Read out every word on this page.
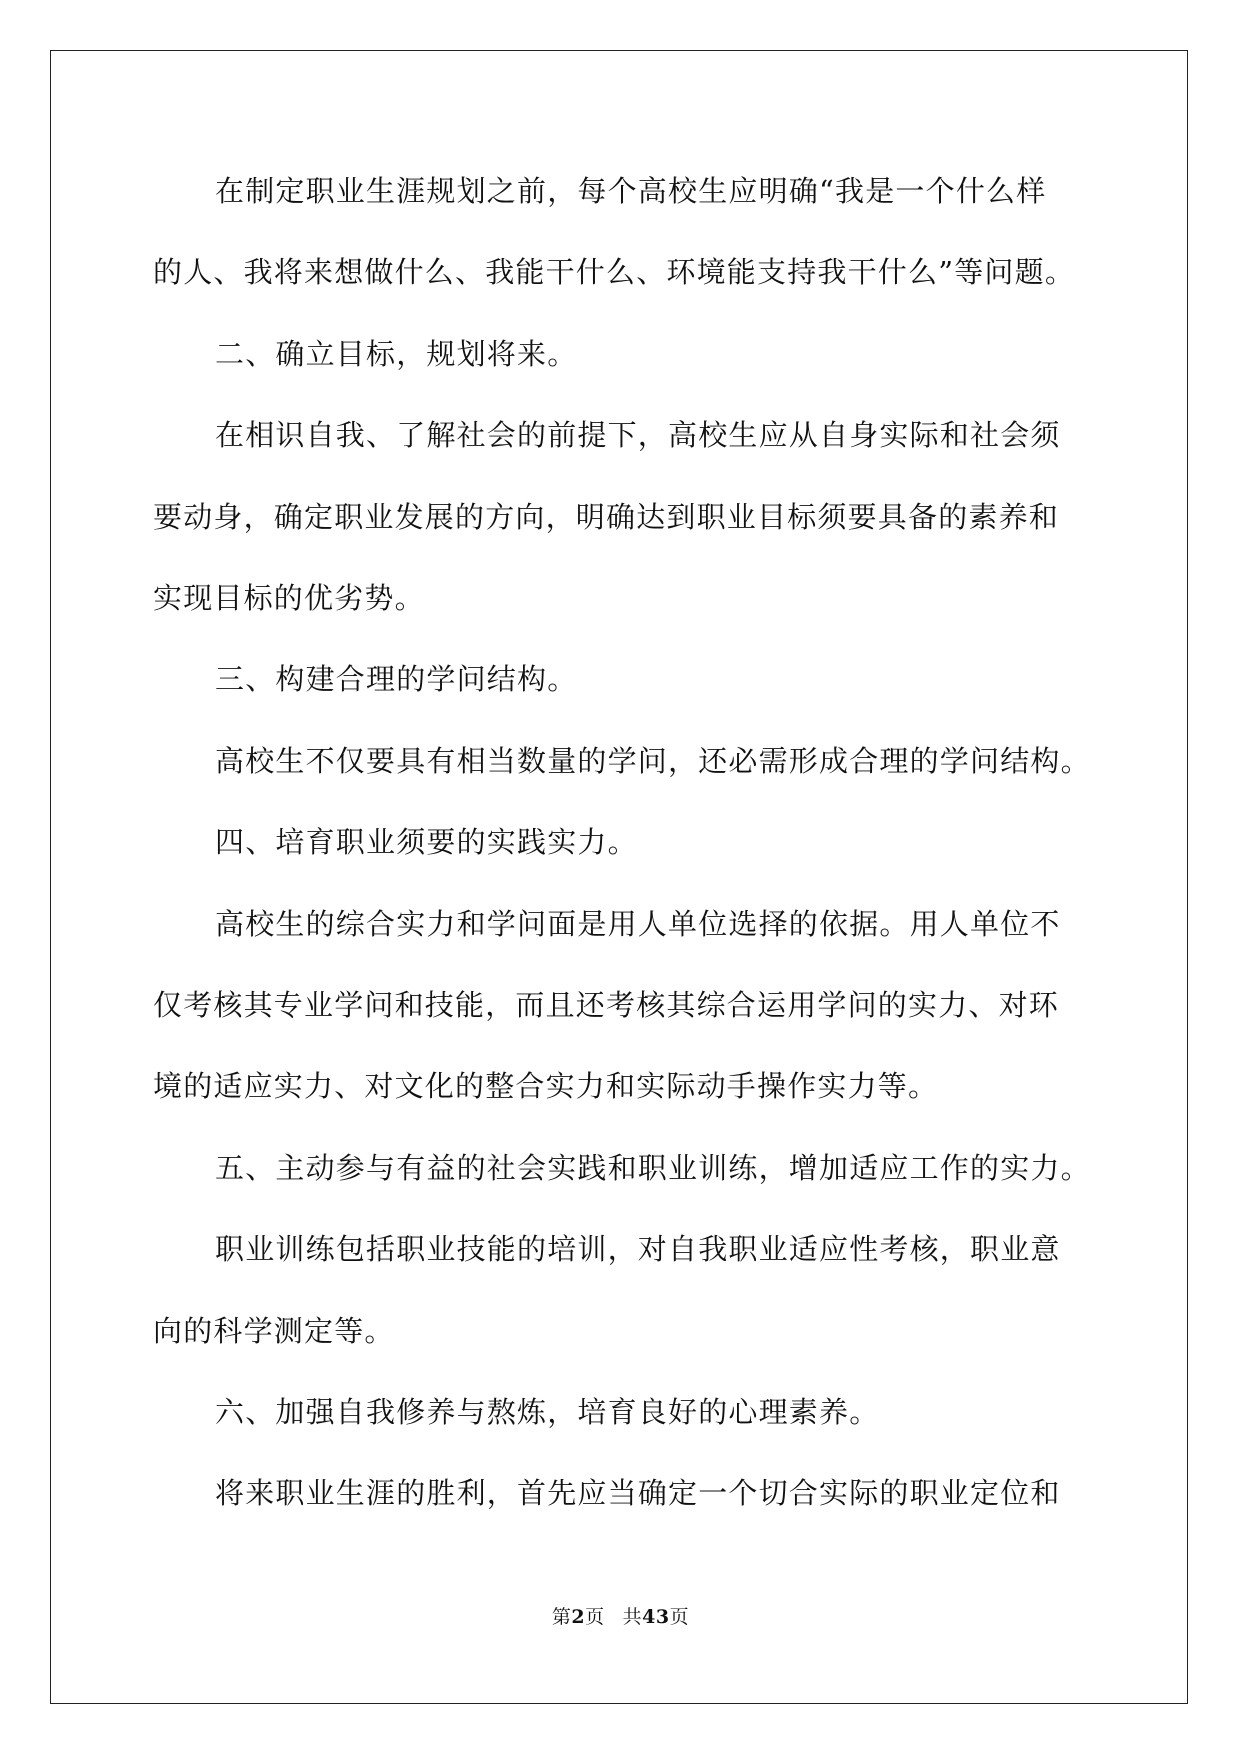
在制定职业生涯规划之前，每个高校生应明确“我是一个什么样
的人、我将来想做什么、我能干什么、环境能支持我干什么”等问题。
二、确立目标，规划将来。
在相识自我、了解社会的前提下，高校生应从自身实际和社会须
要动身，确定职业发展的方向，明确达到职业目标须要具备的素养和
实现目标的优劣势。
三、构建合理的学问结构。
高校生不仅要具有相当数量的学问，还必需形成合理的学问结构。
四、培育职业须要的实践实力。
高校生的综合实力和学问面是用人单位选择的依据。用人单位不
仅考核其专业学问和技能，而且还考核其综合运用学问的实力、对环
境的适应实力、对文化的整合实力和实际动手操作实力等。
五、主动参与有益的社会实践和职业训练，增加适应工作的实力。
职业训练包括职业技能的培训，对自我职业适应性考核，职业意
向的科学测定等。
六、加强自我修养与熬炼，培育良好的心理素养。
将来职业生涯的胜利，首先应当确定一个切合实际的职业定位和
第2页 共43页
